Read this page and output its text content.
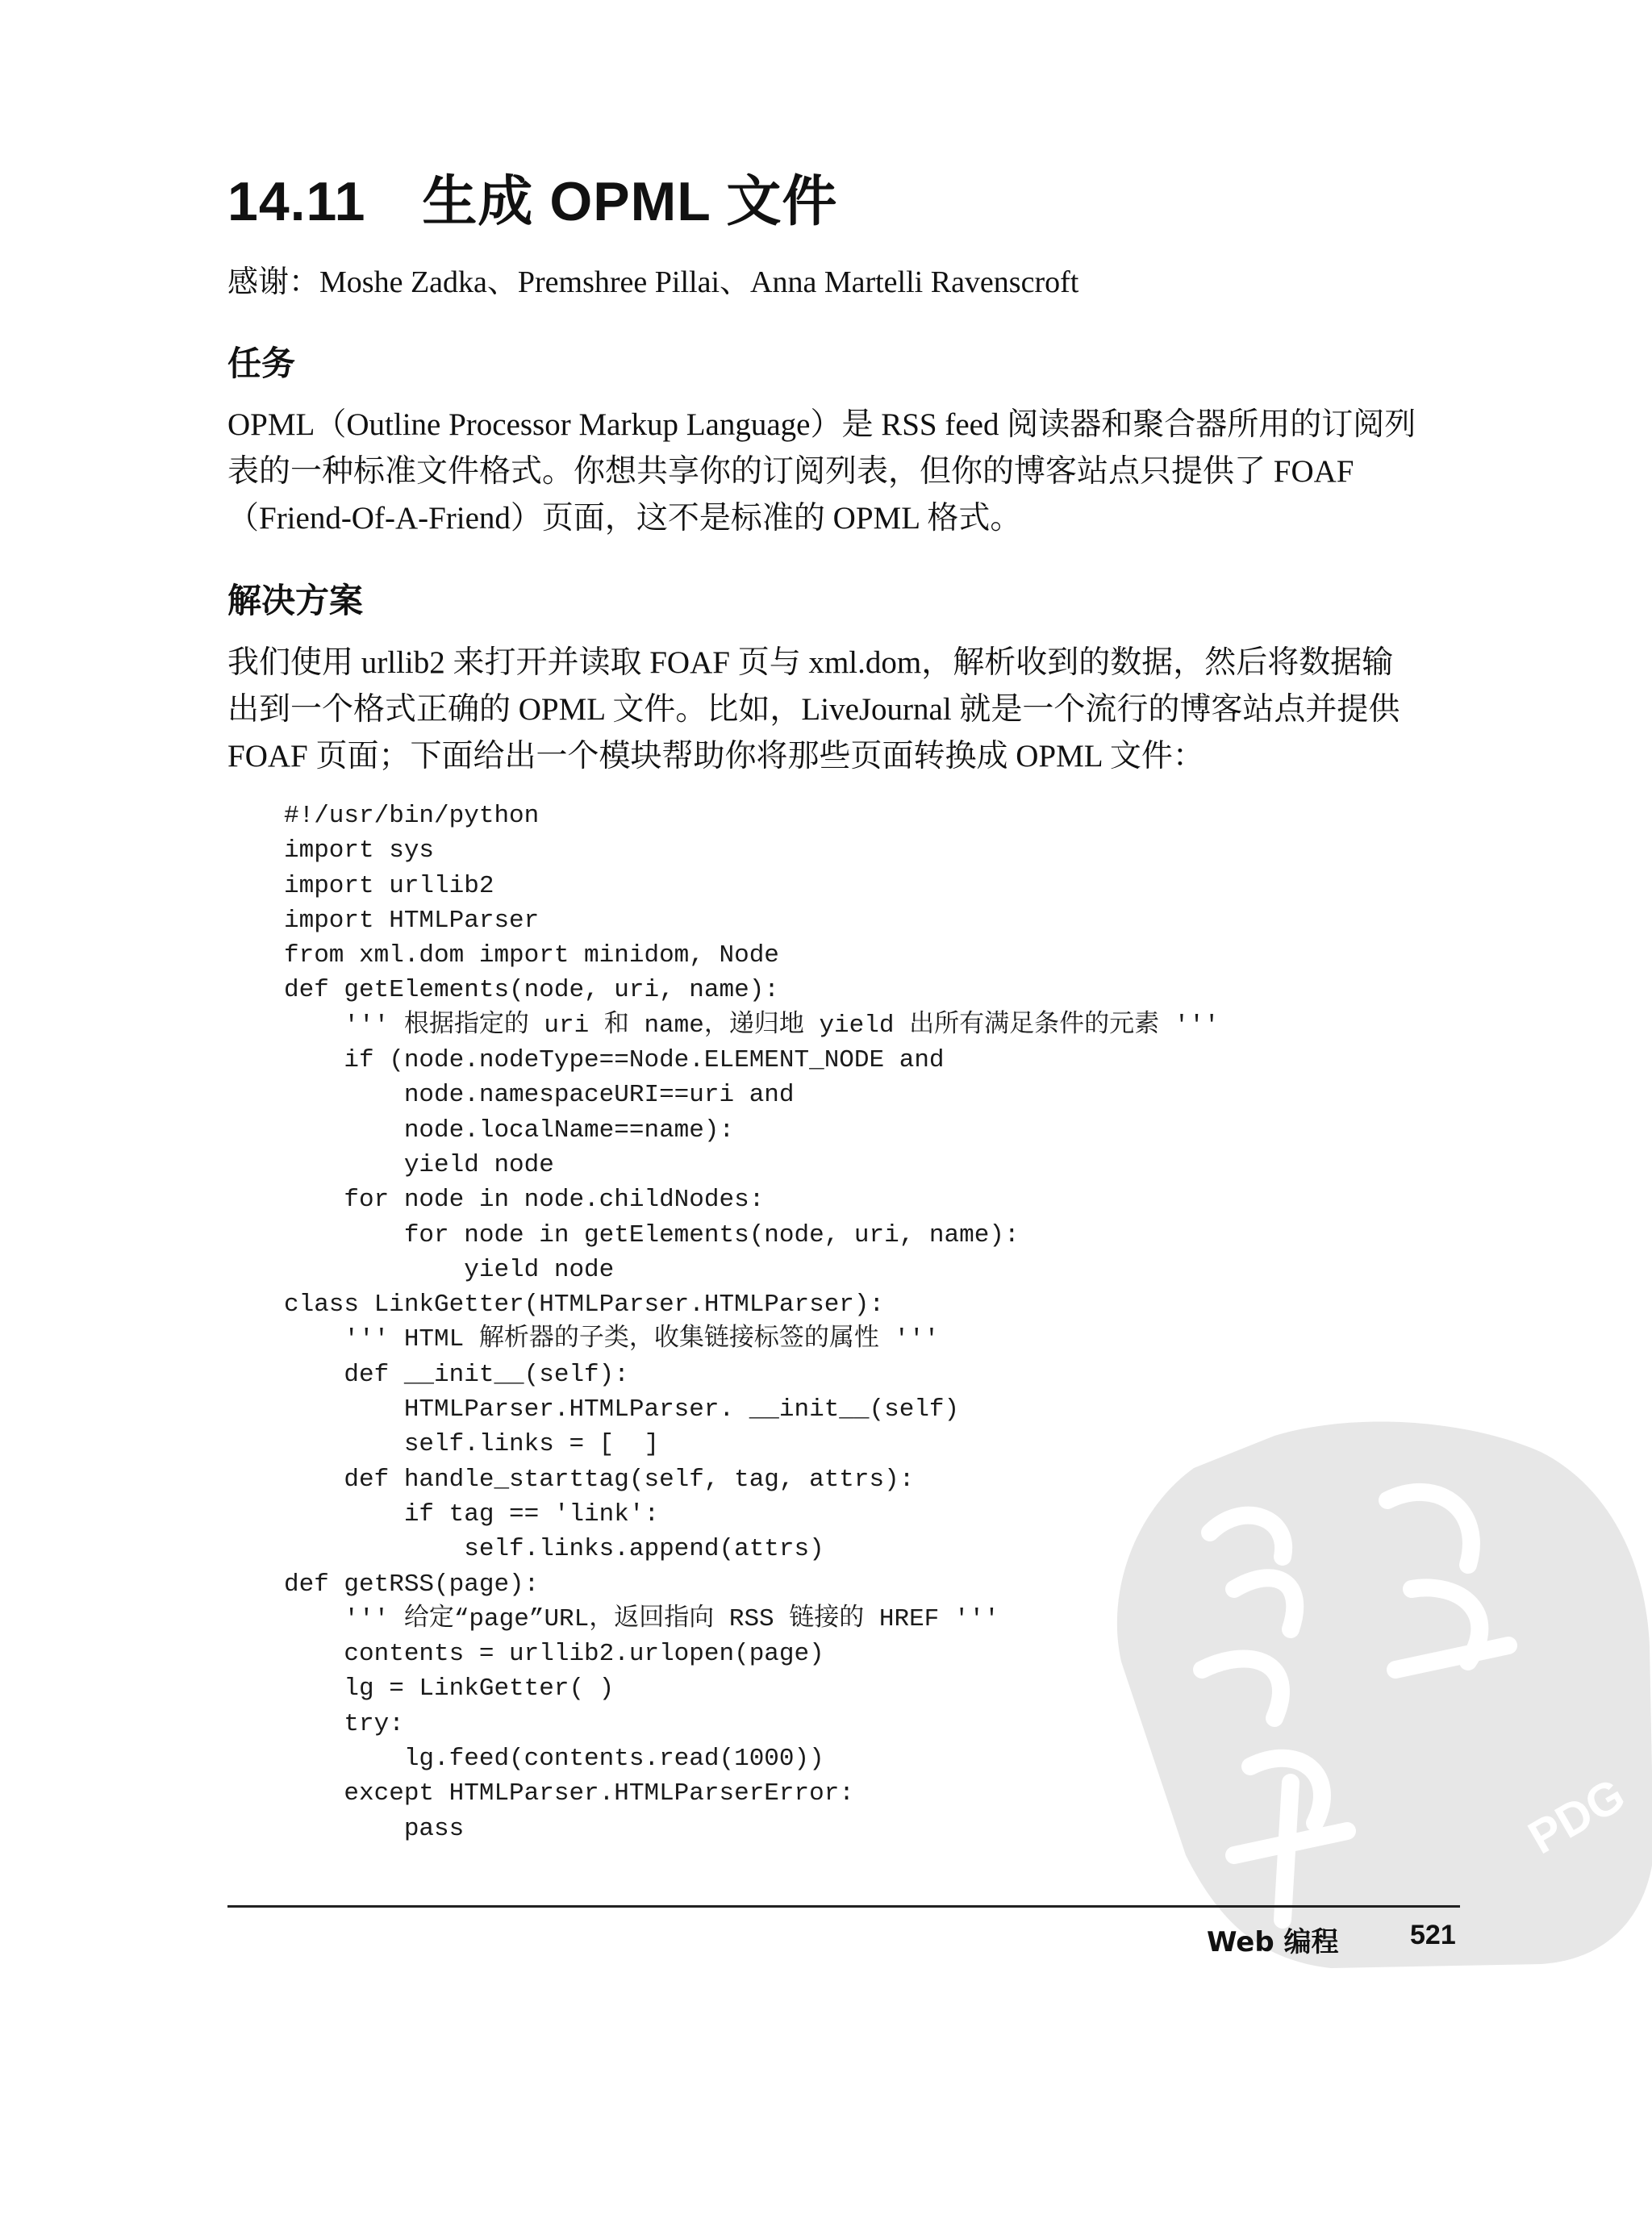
14.11 生成 OPML 文件
感谢：Moshe Zadka、Premshree Pillai、Anna Martelli Ravenscroft
任务
OPML（Outline Processor Markup Language）是 RSS feed 阅读器和聚合器所用的订阅列
表的一种标准文件格式。你想共享你的订阅列表，但你的博客站点只提供了 FOAF
（Friend-Of-A-Friend）页面，这不是标准的 OPML 格式。
解决方案
我们使用 urllib2 来打开并读取 FOAF 页与 xml.dom，解析收到的数据，然后将数据输
出到一个格式正确的 OPML 文件。比如，LiveJournal 就是一个流行的博客站点并提供
FOAF 页面；下面给出一个模块帮助你将那些页面转换成 OPML 文件：
#!/usr/bin/python
import sys
import urllib2
import HTMLParser
from xml.dom import minidom, Node
def getElements(node, uri, name):
''' 根据指定的 uri 和 name，递归地 yield 出所有满足条件的元素 '''
if (node.nodeType==Node.ELEMENT_NODE and
node.namespaceURI==uri and
node.localName==name):
yield node
for node in node.childNodes:
for node in getElements(node, uri, name):
yield node
class LinkGetter(HTMLParser.HTMLParser):
''' HTML 解析器的子类，收集链接标签的属性 '''
def __init__(self):
HTMLParser.HTMLParser. __init__(self)
self.links = [  ]
def handle_starttag(self, tag, attrs):
if tag == 'link':
self.links.append(attrs)
def getRSS(page):
''' 给定“page”URL，返回指向 RSS 链接的 HREF '''
contents = urllib2.urlopen(page)
lg = LinkGetter( )
try:
lg.feed(contents.read(1000))
except HTMLParser.HTMLParserError:
pass	PDG
Web 编程	521
